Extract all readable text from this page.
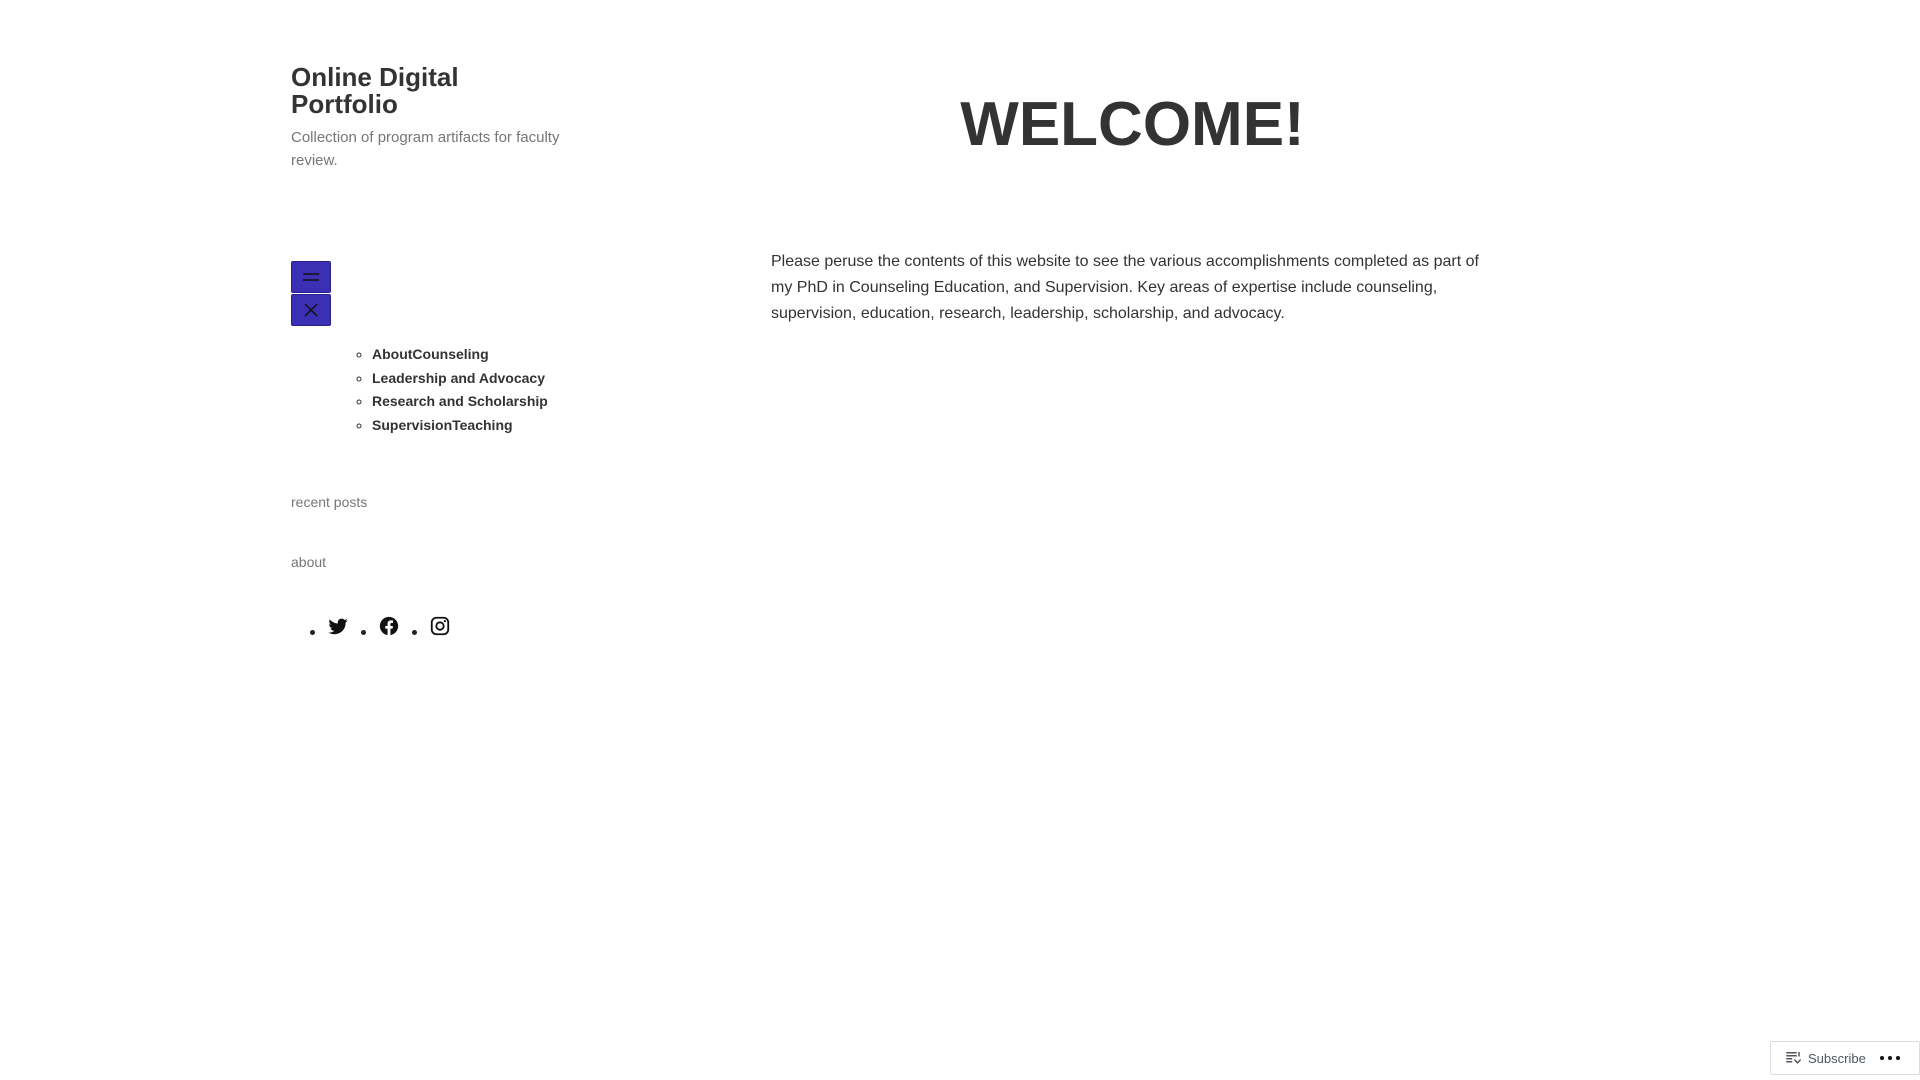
Online Digital Portfolio
Collection of program artifacts for faculty review.
◦ AboutCounseling
◦ Leadership and Advocacy
◦ Research and Scholarship
◦ SupervisionTeaching
recent posts
about
WELCOME!

Please peruse the contents of this website to see the various accomplishments completed as part of my PhD in Counseling Education, and Supervision. Key areas of expertise include counseling, supervision, education, research, leadership, scholarship, and advocacy.

Subscribe
